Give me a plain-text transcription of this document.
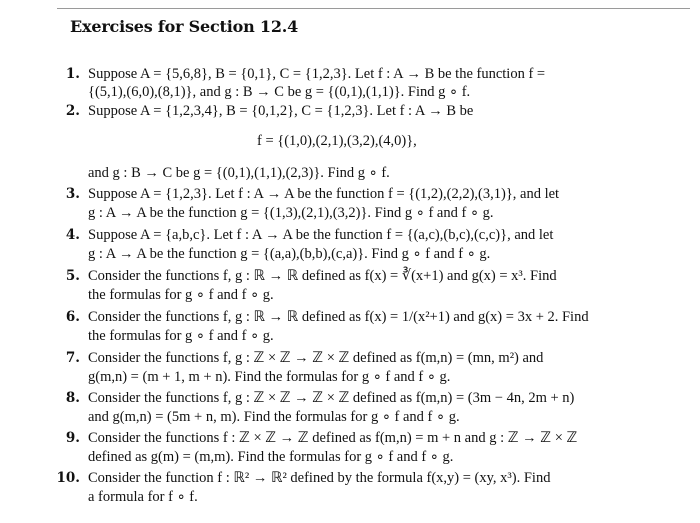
Exercises for Section 12.4
1. Suppose A = {5,6,8}, B = {0,1}, C = {1,2,3}. Let f : A → B be the function f =
{(5,1),(6,0),(8,1)}, and g : B → C be g = {(0,1),(1,1)}. Find g ∘ f.
2. Suppose A = {1,2,3,4}, B = {0,1,2}, C = {1,2,3}. Let f : A → B be
f = {(1,0),(2,1),(3,2),(4,0)},
and g : B → C be g = {(0,1),(1,1),(2,3)}. Find g ∘ f.
3. Suppose A = {1,2,3}. Let f : A → A be the function f = {(1,2),(2,2),(3,1)}, and let
g : A → A be the function g = {(1,3),(2,1),(3,2)}. Find g ∘ f and f ∘ g.
4. Suppose A = {a,b,c}. Let f : A → A be the function f = {(a,c),(b,c),(c,c)}, and let
g : A → A be the function g = {(a,a),(b,b),(c,a)}. Find g ∘ f and f ∘ g.
5. Consider the functions f, g : ℝ → ℝ defined as f(x) = ∛(x+1) and g(x) = x³. Find
the formulas for g ∘ f and f ∘ g.
6. Consider the functions f, g : ℝ → ℝ defined as f(x) = 1/(x²+1) and g(x) = 3x + 2. Find
the formulas for g ∘ f and f ∘ g.
7. Consider the functions f, g : ℤ × ℤ → ℤ × ℤ defined as f(m,n) = (mn, m²) and
g(m,n) = (m + 1, m + n). Find the formulas for g ∘ f and f ∘ g.
8. Consider the functions f, g : ℤ × ℤ → ℤ × ℤ defined as f(m,n) = (3m − 4n, 2m + n)
and g(m,n) = (5m + n, m). Find the formulas for g ∘ f and f ∘ g.
9. Consider the functions f : ℤ × ℤ → ℤ defined as f(m,n) = m + n and g : ℤ → ℤ × ℤ
defined as g(m) = (m,m). Find the formulas for g ∘ f and f ∘ g.
10. Consider the function f : ℝ² → ℝ² defined by the formula f(x,y) = (xy, x³). Find
a formula for f ∘ f.
